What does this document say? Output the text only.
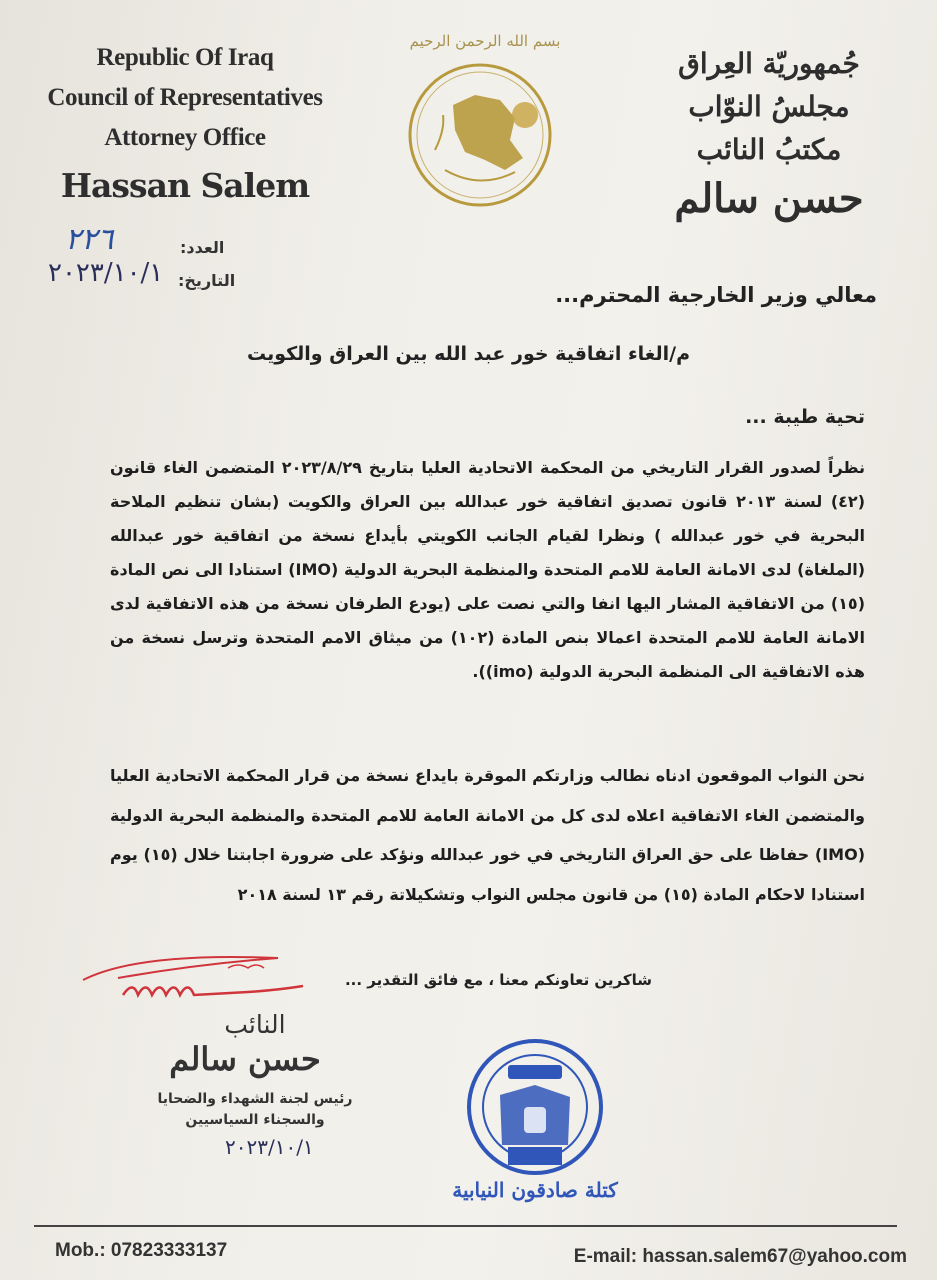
Republic Of Iraq
Council of Representatives
Attorney Office
Hassan Salem
بسم الله الرحمن الرحيم
جُمهوريّة العِراق
مجلسُ النوّاب
مكتبُ النائب
حسن سالم
العدد:
٢٢٦
التاريخ:
٢٠٢٣/١٠/١
معالي وزير الخارجية المحترم...
م/الغاء اتفاقية خور عبد الله بين العراق والكويت
تحية طيبة ...

نظراً لصدور القرار التاريخي من المحكمة الاتحادية العليا بتاريخ ٢٠٢٣/٨/٢٩ المتضمن الغاء قانون (٤٢) لسنة ٢٠١٣ قانون تصديق اتفاقية خور عبدالله بين العراق والكويت (بشان تنظيم الملاحة البحرية في خور عبدالله ) ونظرا لقيام الجانب الكويتي بأيداع نسخة من اتفاقية خور عبدالله (الملغاة) لدى الامانة العامة للامم المتحدة والمنظمة البحرية الدولية (IMO) استنادا الى نص المادة (١٥) من الاتفاقية المشار اليها انفا والتي نصت على (يودع الطرفان نسخة من هذه الاتفاقية لدى الامانة العامة للامم المتحدة اعمالا بنص المادة (١٠٢) من ميثاق الامم المتحدة وترسل نسخة من هذه الاتفاقية الى المنظمة البحرية الدولية (imo)).

نحن النواب الموقعون ادناه نطالب وزارتكم الموقرة بايداع نسخة من قرار المحكمة الاتحادية العليا والمتضمن الغاء الاتفاقية اعلاه لدى كل من الامانة العامة للامم المتحدة والمنظمة البحرية الدولية (IMO) حفاظا على حق العراق التاريخي في خور عبدالله ونؤكد على ضرورة اجابتنا خلال (١٥) يوم استنادا لاحكام المادة (١٥) من قانون مجلس النواب وتشكيلاتة رقم ١٣ لسنة ٢٠١٨

شاكرين تعاونكم معنا ، مع فائق التقدير ...
النائب
حسن سالم
رئيس لجنة الشهداء والضحايا
والسجناء السياسيين
٢٠٢٣/١٠/١
كتلة صادقون النيابية
Mob.: 07823333137	E-mail: hassan.salem67@yahoo.com
